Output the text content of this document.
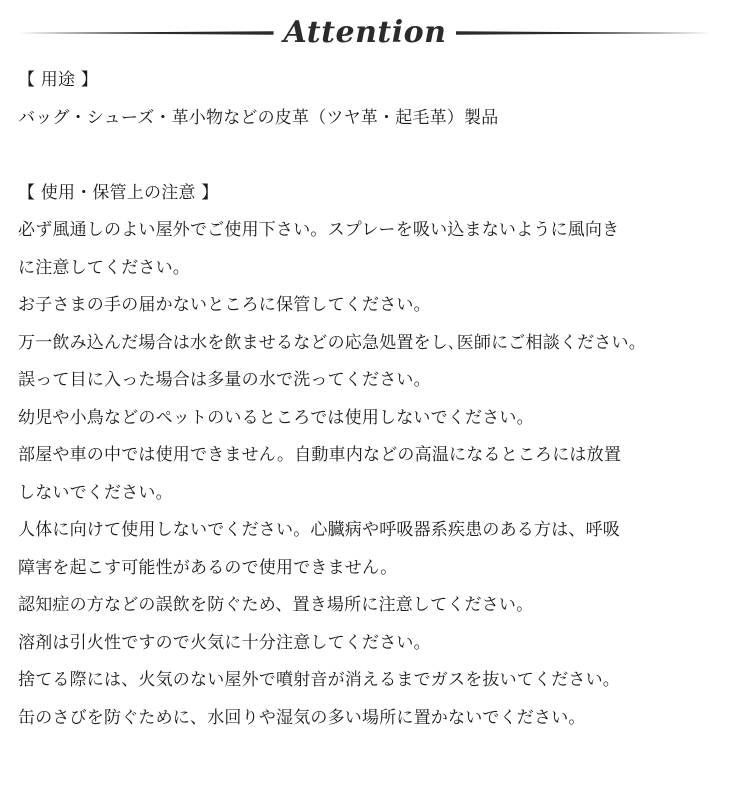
Attention
【 用途 】
バッグ・シューズ・革小物などの皮革（ツヤ革・起毛革）製品
【 使用・保管上の注意 】
必ず風通しのよい屋外でご使用下さい。スプレーを吸い込まないように風向き
に注意してください。
お子さまの手の届かないところに保管してください。
万一飲み込んだ場合は水を飲ませるなどの応急処置をし､医師にご相談ください。
誤って目に入った場合は多量の水で洗ってください。
幼児や小鳥などのペットのいるところでは使用しないでください。
部屋や車の中では使用できません。自動車内などの高温になるところには放置
しないでください。
人体に向けて使用しないでください。心臓病や呼吸器系疾患のある方は、呼吸
障害を起こす可能性があるので使用できません。
認知症の方などの誤飲を防ぐため、置き場所に注意してください。
溶剤は引火性ですので火気に十分注意してください。
捨てる際には、火気のない屋外で噴射音が消えるまでガスを抜いてください。
缶のさびを防ぐために、水回りや湿気の多い場所に置かないでください。
